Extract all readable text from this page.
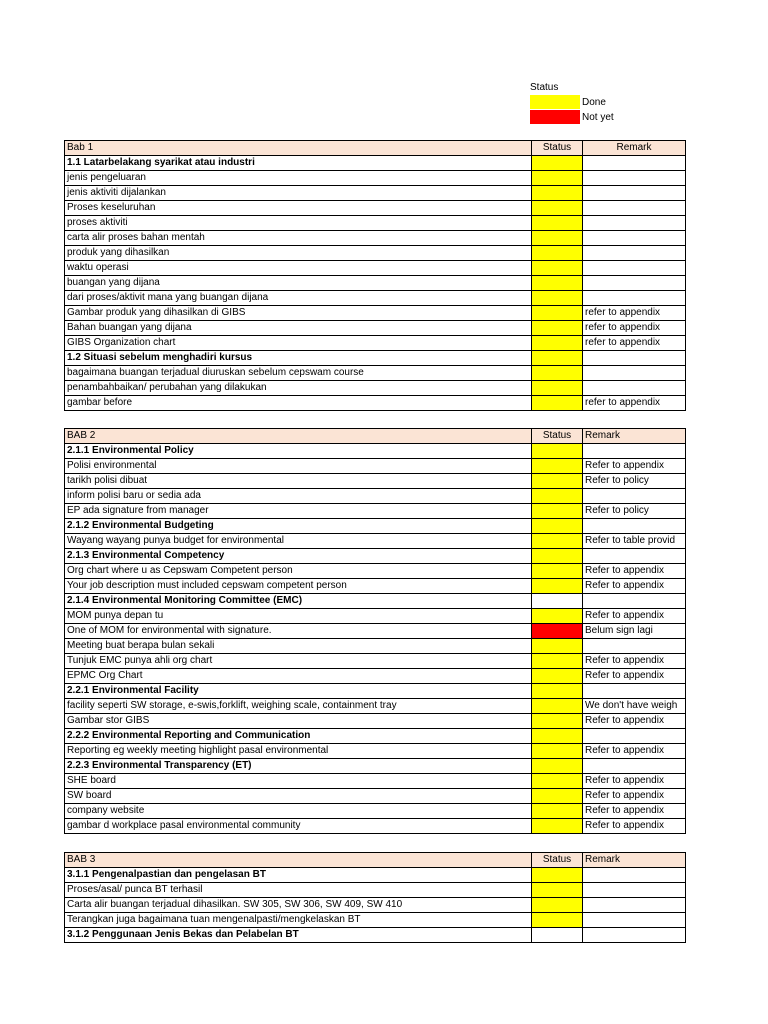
Status
Done
Not yet
Bab 1	Status	Remark
1.1 Latarbelakang syarikat atau industri		
jenis pengeluaran		
jenis aktiviti dijalankan		
Proses keseluruhan		
proses aktiviti		
carta alir proses bahan mentah		
produk yang dihasilkan		
waktu operasi		
buangan yang dijana		
dari proses/aktivit mana yang buangan dijana		
Gambar produk yang dihasilkan di GIBS		refer to appendix
Bahan buangan yang dijana		refer to appendix
GIBS Organization chart		refer to appendix
1.2 Situasi sebelum menghadiri kursus		
bagaimana buangan terjadual diuruskan sebelum cepswam course		
penambahbaikan/ perubahan yang dilakukan		
gambar before		refer to appendix
BAB 2	Status	Remark
2.1.1 Environmental Policy		
Polisi environmental		Refer to appendix
tarikh polisi dibuat		Refer to policy
inform polisi baru or sedia ada		
EP ada signature from manager		Refer to policy
2.1.2 Environmental Budgeting		
Wayang wayang punya budget for environmental		Refer to table provid
2.1.3 Environmental Competency		
Org chart where u as Cepswam Competent person		Refer to appendix
Your job description must included cepswam competent person		Refer to appendix
2.1.4 Environmental Monitoring Committee (EMC)		
MOM punya depan tu		Refer to appendix
One of MOM for environmental with signature.		Belum sign lagi
Meeting buat berapa bulan sekali		
Tunjuk EMC punya ahli org chart		Refer to appendix
EPMC Org Chart		Refer to appendix
2.2.1 Environmental Facility		
facility seperti SW storage, e-swis,forklift, weighing scale, containment tray		We don't have weigh
Gambar stor GIBS		Refer to appendix
2.2.2 Environmental Reporting and Communication		
Reporting eg weekly meeting highlight pasal environmental		Refer to appendix
2.2.3 Environmental Transparency (ET)		
SHE board		Refer to appendix
SW board		Refer to appendix
company website		Refer to appendix
gambar d workplace pasal environmental community		Refer to appendix
BAB 3	Status	Remark
3.1.1 Pengenalpastian dan pengelasan BT		
Proses/asal/ punca BT terhasil		
Carta alir buangan terjadual dihasilkan. SW 305, SW 306, SW 409, SW 410		
Terangkan juga bagaimana tuan mengenalpasti/mengkelaskan BT		
3.1.2 Penggunaan Jenis Bekas dan Pelabelan BT		
